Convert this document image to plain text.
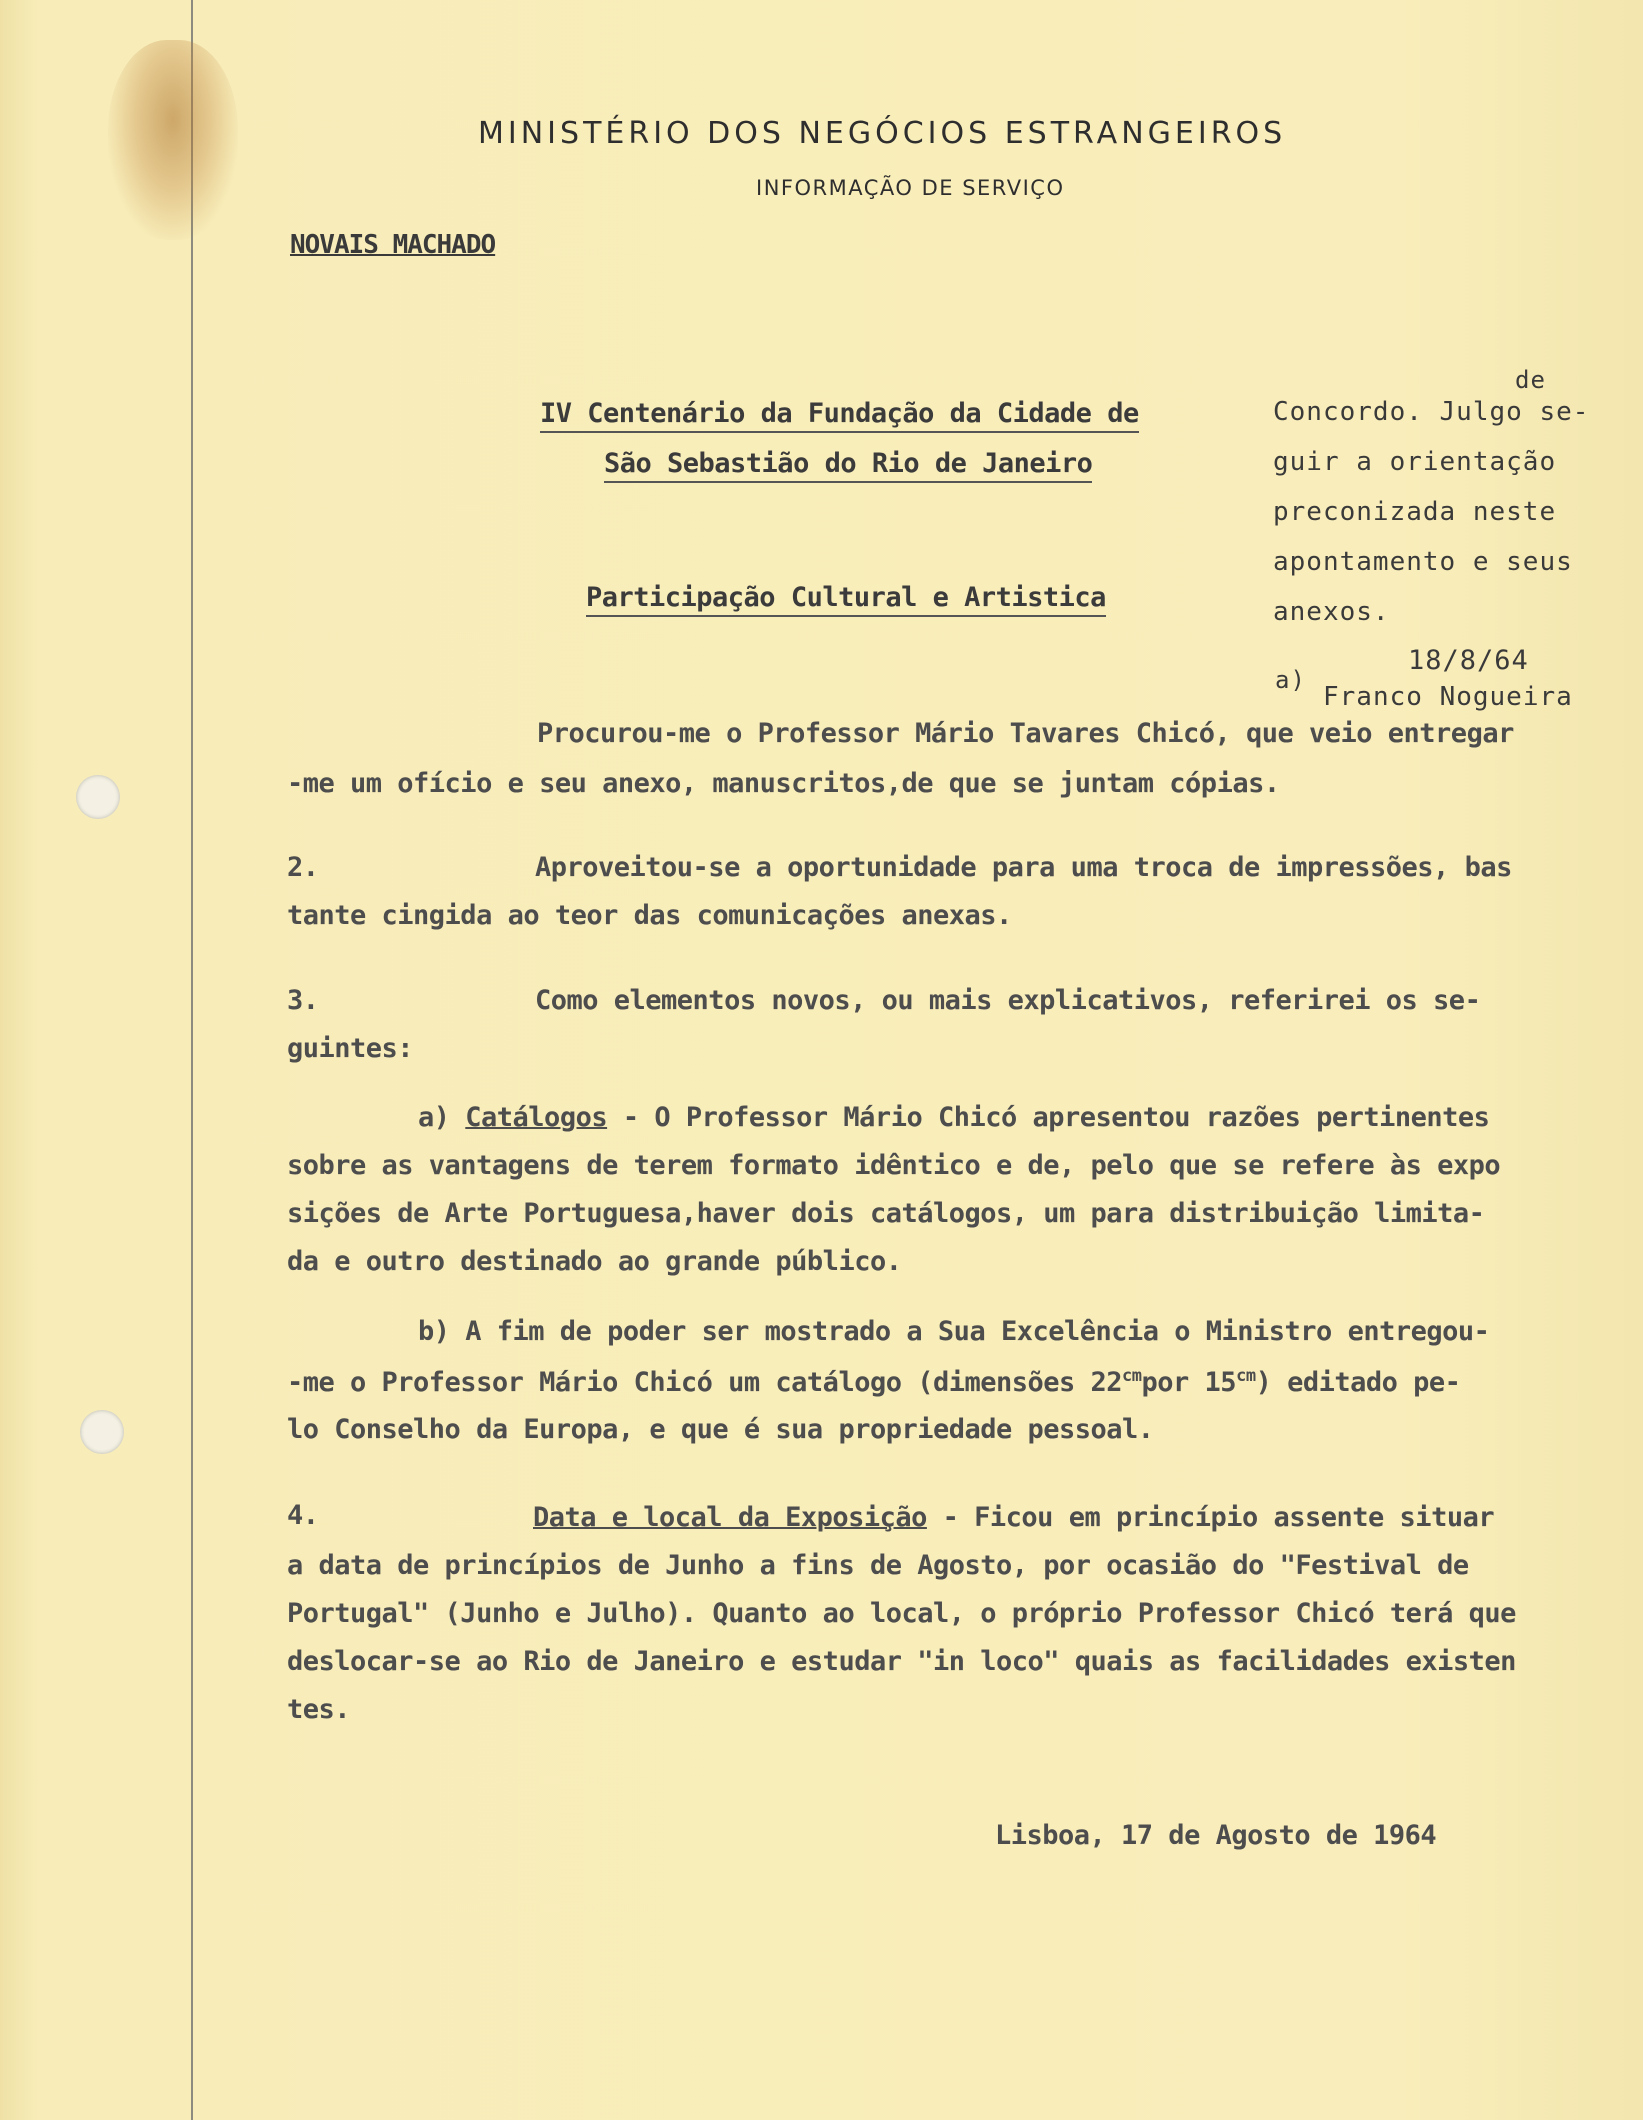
MINISTÉRIO DOS NEGÓCIOS ESTRANGEIROS
INFORMAÇÃO DE SERVIÇO
NOVAIS MACHADO
IV Centenário da Fundação da Cidade de
São Sebastião do Rio de Janeiro
Participação Cultural e Artistica
de
Concordo. Julgo se-
guir a orientação
preconizada neste
apontamento e seus
anexos.
18/8/64
a)
Franco Nogueira
Procurou-me o Professor Mário Tavares Chicó, que veio entregar
-me um ofício e seu anexo, manuscritos,de que se juntam cópias.
2.	Aproveitou-se a oportunidade para uma troca de impressões, bas
tante cingida ao teor das comunicações anexas.
3.	Como elementos novos, ou mais explicativos, referirei os se-
guintes:
a) Catálogos - O Professor Mário Chicó apresentou razões pertinentes
sobre as vantagens de terem formato idêntico e de, pelo que se refere às expo
sições de Arte Portuguesa,haver dois catálogos, um para distribuição limita-
da e outro destinado ao grande público.
b) A fim de poder ser mostrado a Sua Excelência o Ministro entregou-
-me o Professor Mário Chicó um catálogo (dimensões $22^{cm}por$ $15^{cm}$) editado pe-
lo Conselho da Europa, e que é sua propriedade pessoal.
4.	Data e local da Exposição - Ficou em princípio assente situar
a data de princípios de Junho a fins de Agosto, por ocasião do "Festival de
Portugal" (Junho e Julho). Quanto ao local, o próprio Professor Chicó terá que
deslocar-se ao Rio de Janeiro e estudar "in loco" quais as facilidades existen
tes.
Lisboa, 17 de Agosto de 1964
